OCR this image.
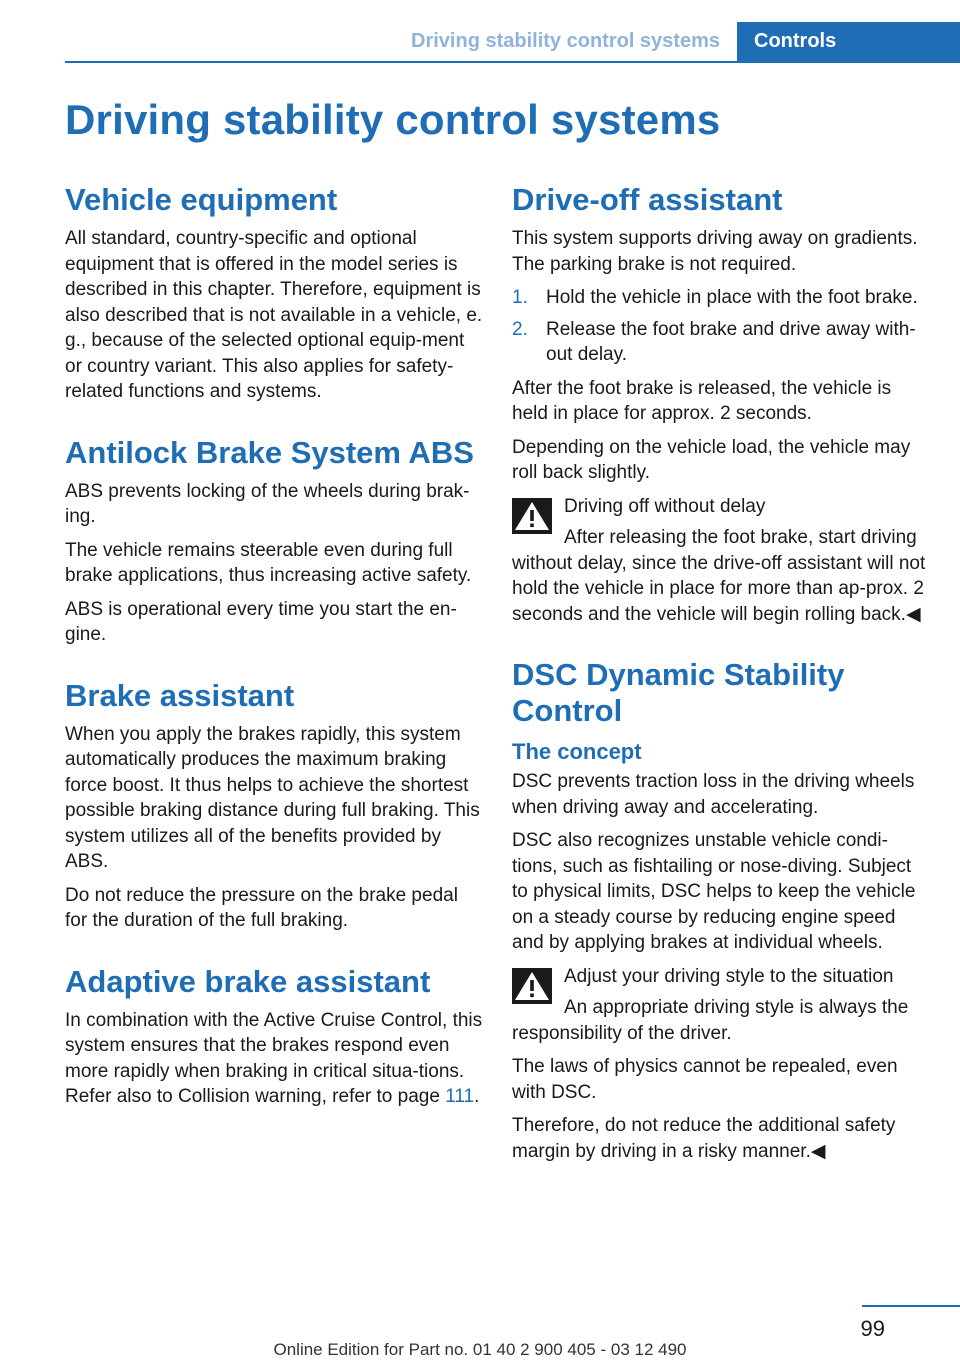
Driving stability control systems	Controls
Driving stability control systems
Vehicle equipment

All standard, country-specific and optional equipment that is offered in the model series is described in this chapter. Therefore, equipment is also described that is not available in a vehicle, e. g., because of the selected optional equip-ment or country variant. This also applies for safety-related functions and systems.

Antilock Brake System ABS

ABS prevents locking of the wheels during brak-ing.

The vehicle remains steerable even during full brake applications, thus increasing active safety.

ABS is operational every time you start the en-gine.

Brake assistant

When you apply the brakes rapidly, this system automatically produces the maximum braking force boost. It thus helps to achieve the shortest possible braking distance during full braking. This system utilizes all of the benefits provided by ABS.

Do not reduce the pressure on the brake pedal for the duration of the full braking.

Adaptive brake assistant

In combination with the Active Cruise Control, this system ensures that the brakes respond even more rapidly when braking in critical situa-tions. Refer also to Collision warning, refer to page 111.

Drive-off assistant

This system supports driving away on gradients. The parking brake is not required.

1. Hold the vehicle in place with the foot brake.
2. Release the foot brake and drive away with-out delay.

After the foot brake is released, the vehicle is held in place for approx. 2 seconds.

Depending on the vehicle load, the vehicle may roll back slightly.

Driving off without delay
After releasing the foot brake, start driving without delay, since the drive-off assistant will not hold the vehicle in place for more than ap-prox. 2 seconds and the vehicle will begin rolling back.◀
DSC Dynamic Stability Control
The concept

DSC prevents traction loss in the driving wheels when driving away and accelerating.

DSC also recognizes unstable vehicle condi-tions, such as fishtailing or nose-diving. Subject to physical limits, DSC helps to keep the vehicle on a steady course by reducing engine speed and by applying brakes at individual wheels.

Adjust your driving style to the situation
An appropriate driving style is always the responsibility of the driver.

The laws of physics cannot be repealed, even with DSC.

Therefore, do not reduce the additional safety margin by driving in a risky manner.◀

99
Online Edition for Part no. 01 40 2 900 405 - 03 12 490
